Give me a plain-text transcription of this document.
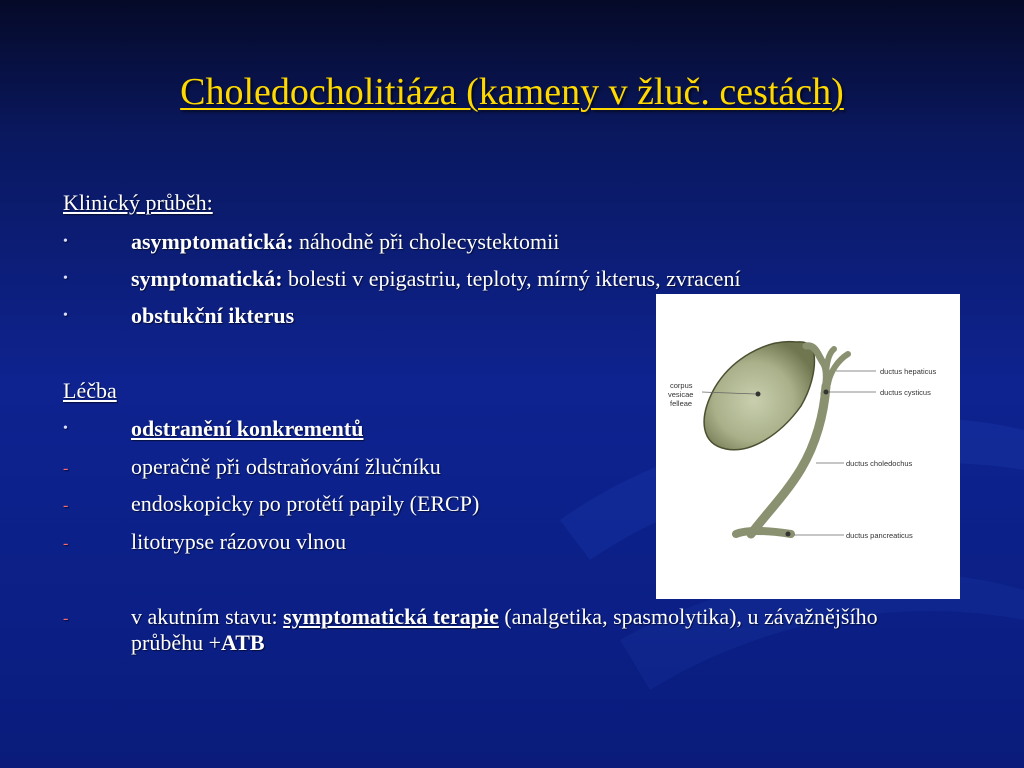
Choledocholitiáza (kameny v žluč. cestách)
Klinický průběh:
•	asymptomatická: náhodně při cholecystektomii
•	symptomatická: bolesti v epigastriu, teploty, mírný ikterus, zvracení
•	obstukční ikterus
Léčba
•	odstranění konkrementů
-	operačně při odstraňování žlučníku
-	endoskopicky po protětí papily (ERCP)
-	litotrypse rázovou vlnou
-	v akutním stavu: symptomatická terapie (analgetika, spasmolytika), u závažnějšího průběhu +ATB
corpus
vesicae
felleae
ductus hepaticus
ductus cysticus
ductus choledochus
ductus pancreaticus
